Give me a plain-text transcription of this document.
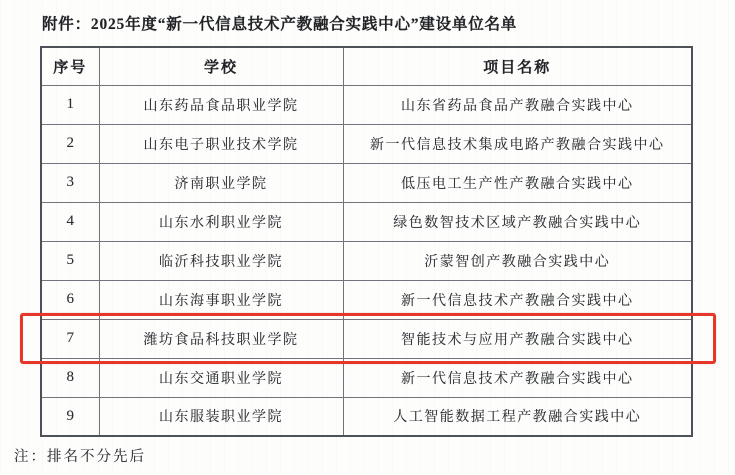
附件：2025年度“新一代信息技术产教融合实践中心”建设单位名单
序号	学校	项目名称
1	山东药品食品职业学院	山东省药品食品产教融合实践中心
2	山东电子职业技术学院	新一代信息技术集成电路产教融合实践中心
3	济南职业学院	低压电工生产性产教融合实践中心
4	山东水利职业学院	绿色数智技术区域产教融合实践中心
5	临沂科技职业学院	沂蒙智创产教融合实践中心
6	山东海事职业学院	新一代信息技术产教融合实践中心
7	潍坊食品科技职业学院	智能技术与应用产教融合实践中心
8	山东交通职业学院	新一代信息技术产教融合实践中心
9	山东服装职业学院	人工智能数据工程产教融合实践中心
注：排名不分先后
